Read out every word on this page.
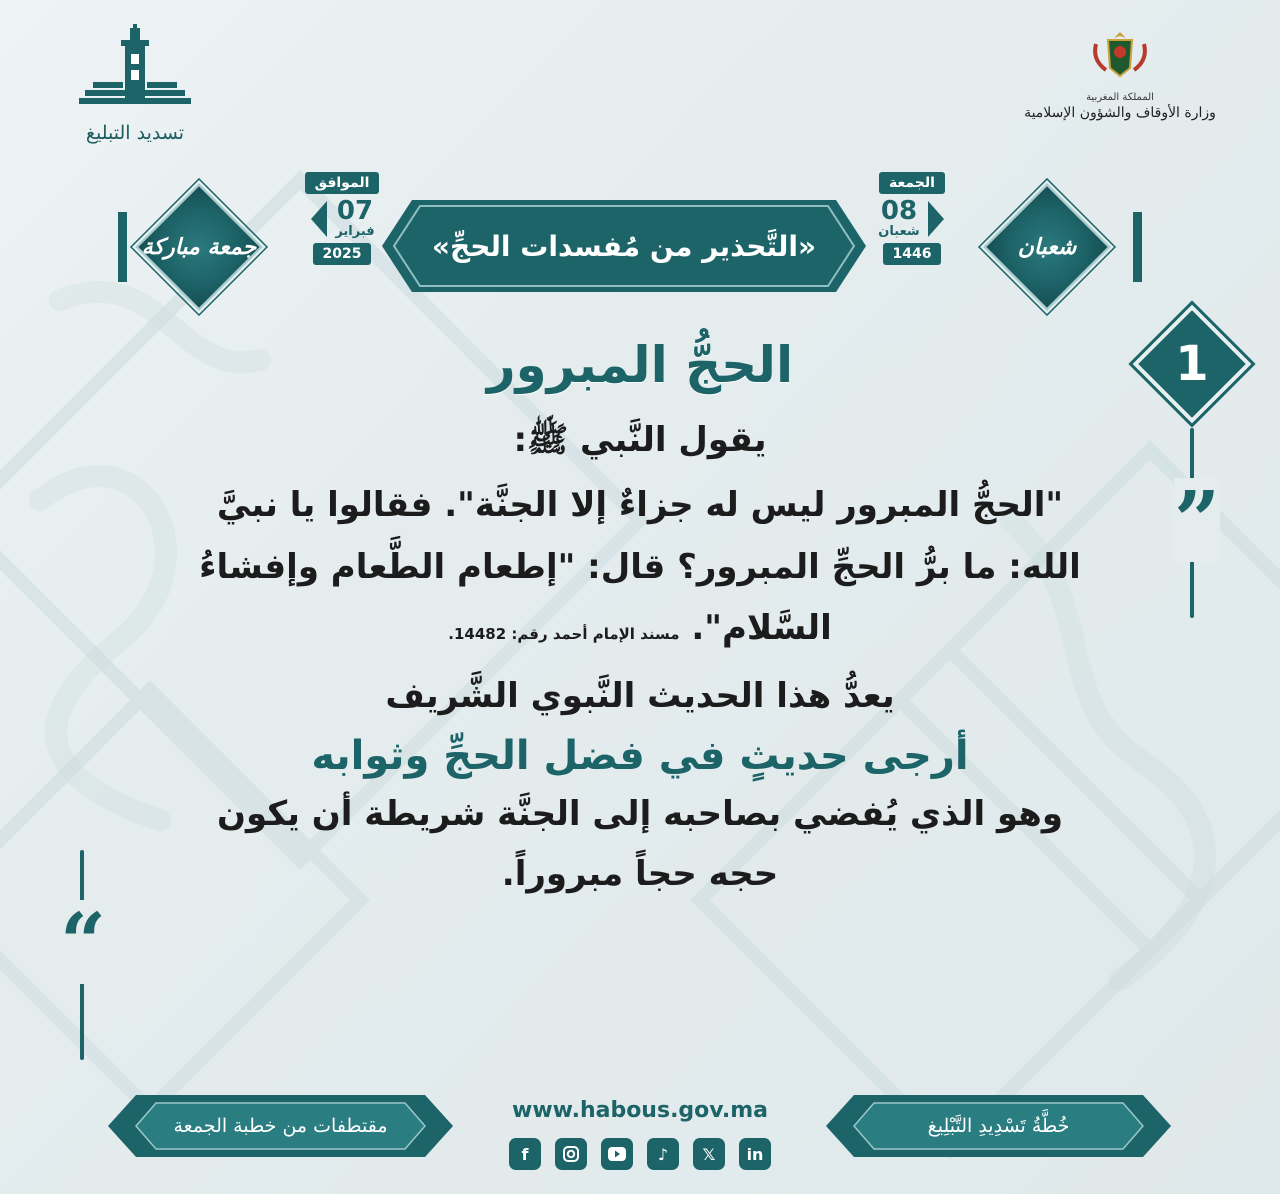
تسديد التبليغ
المملكة المغربية
وزارة الأوقاف والشؤون الإسلامية
جمعة مباركة	شعبان
الموافق
07
فبراير
2025
الجمعة
08
شعبان
1446
«التَّحذير من مُفسدات الحجِّ»
1
”
“
الحجُّ المبرور
يقول النَّبي ﷺ:
"الحجُّ المبرور ليس له جزاءٌ إلا الجنَّة". فقالوا يا نبيَّ الله: ما برُّ الحجِّ المبرور؟ قال: "إطعام الطَّعام وإفشاءُ السَّلام". مسند الإمام أحمد رقم: 14482.
يعدُّ هذا الحديث النَّبوي الشَّريف
أرجى حديثٍ في فضل الحجِّ وثوابه
وهو الذي يُفضي بصاحبه إلى الجنَّة شريطة أن يكون حجه حجاً مبروراً.
مقتطفات من خطبة الجمعة	خُطَّةُ تَسْدِيدِ التَّبْلِيغ
www.habous.gov.ma
f	♪	𝕏	in
